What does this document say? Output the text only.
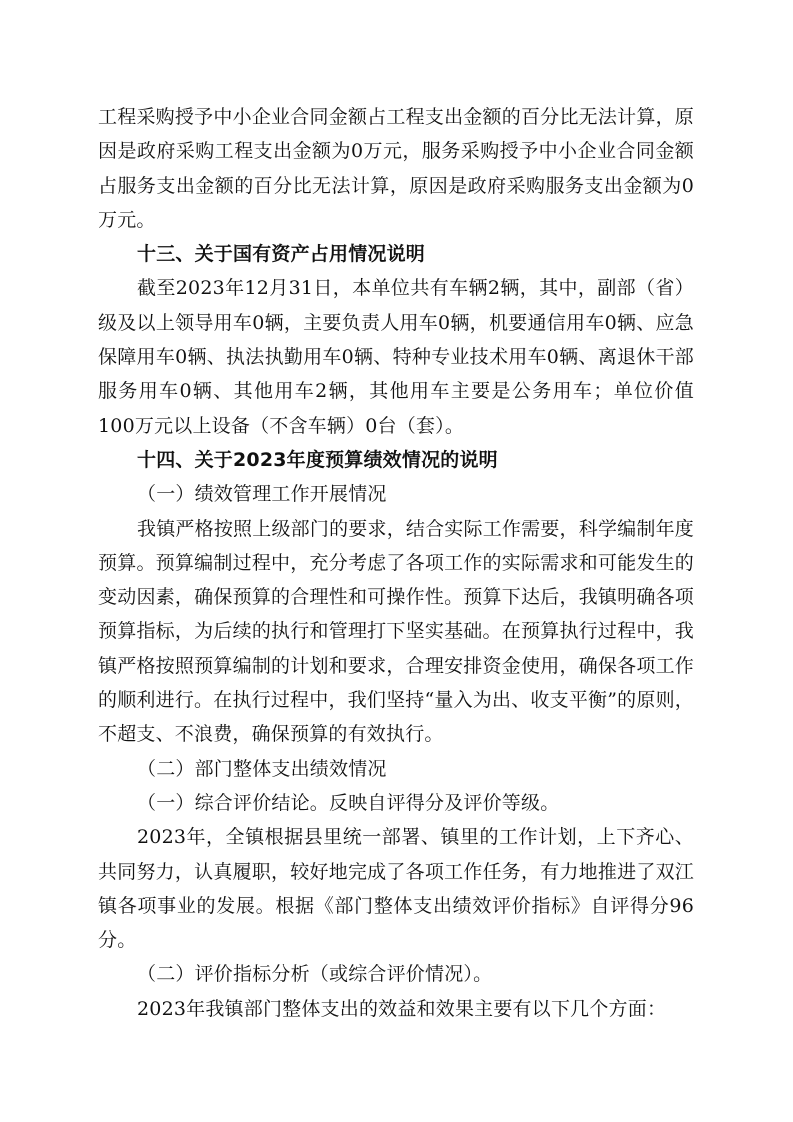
工程采购授予中小企业合同金额占工程支出金额的百分比无法计算，原因是政府采购工程支出金额为0万元，服务采购授予中小企业合同金额占服务支出金额的百分比无法计算，原因是政府采购服务支出金额为0万元。

十三、关于国有资产占用情况说明

截至2023年12月31日，本单位共有车辆2辆，其中，副部（省）级及以上领导用车0辆，主要负责人用车0辆，机要通信用车0辆、应急保障用车0辆、执法执勤用车0辆、特种专业技术用车0辆、离退休干部服务用车0辆、其他用车2辆，其他用车主要是公务用车；单位价值100万元以上设备（不含车辆）0台（套）。

十四、关于2023年度预算绩效情况的说明

（一）绩效管理工作开展情况

我镇严格按照上级部门的要求，结合实际工作需要，科学编制年度预算。预算编制过程中，充分考虑了各项工作的实际需求和可能发生的变动因素，确保预算的合理性和可操作性。预算下达后，我镇明确各项预算指标，为后续的执行和管理打下坚实基础。在预算执行过程中，我镇严格按照预算编制的计划和要求，合理安排资金使用，确保各项工作的顺利进行。在执行过程中，我们坚持“量入为出、收支平衡”的原则，不超支、不浪费，确保预算的有效执行。

（二）部门整体支出绩效情况

（一）综合评价结论。反映自评得分及评价等级。

2023年，全镇根据县里统一部署、镇里的工作计划，上下齐心、共同努力，认真履职，较好地完成了各项工作任务，有力地推进了双江镇各项事业的发展。根据《部门整体支出绩效评价指标》自评得分96分。

（二）评价指标分析（或综合评价情况）。

2023年我镇部门整体支出的效益和效果主要有以下几个方面：
